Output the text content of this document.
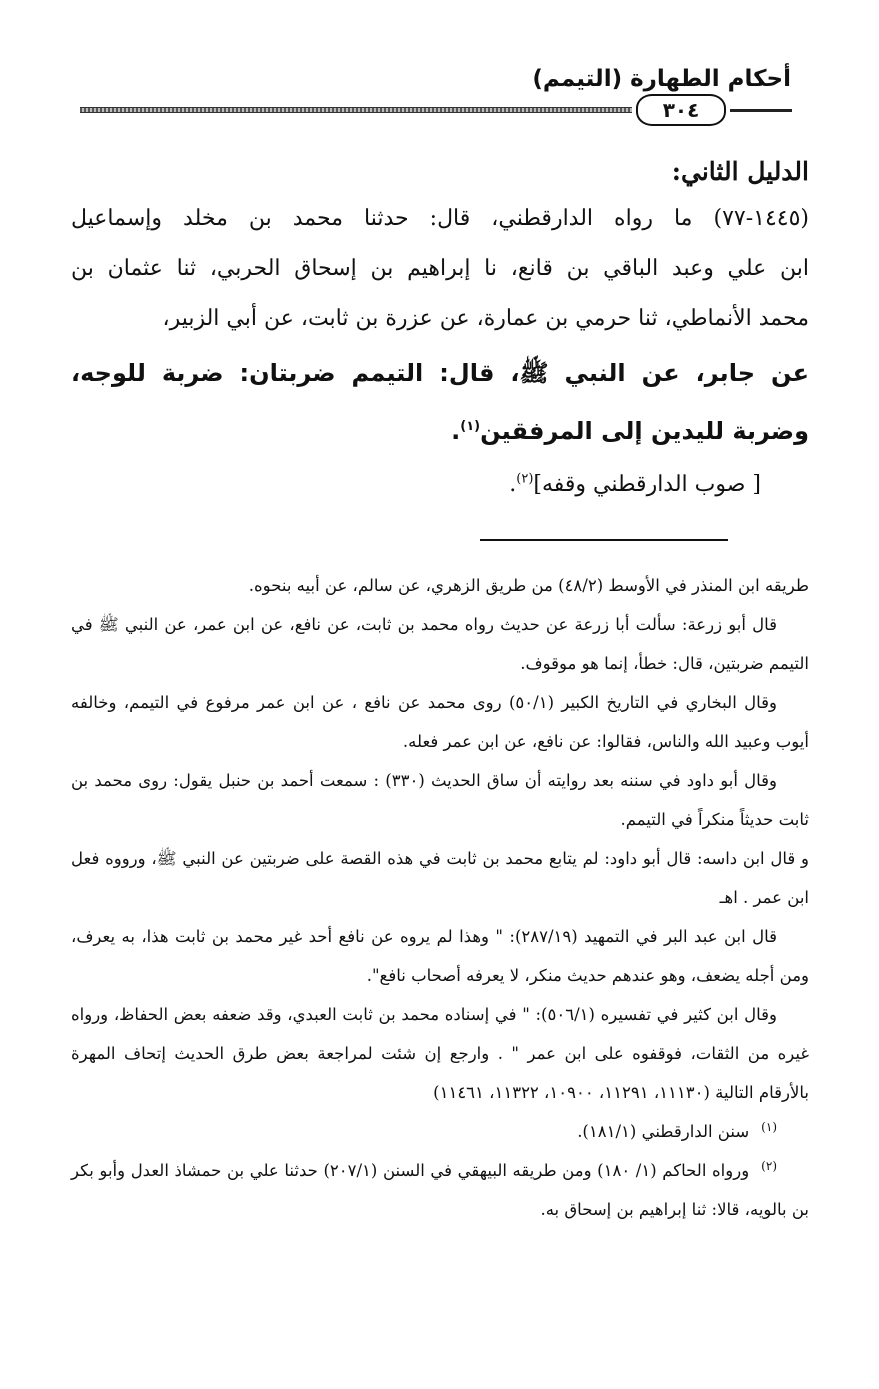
أحكام الطهارة (التيمم)
٣٠٤

الدليل الثاني:

(١٤٤٥-٧٧) ما رواه الدارقطني، قال: حدثنا محمد بن مخلد وإسماعيل

ابن علي وعبد الباقي بن قانع، نا إبراهيم بن إسحاق الحربي، ثنا عثمان بن

محمد الأنماطي، ثنا حرمي بن عمارة، عن عزرة بن ثابت، عن أبي الزبير،

عن جابر، عن النبي ﷺ، قال: التيمم ضربتان: ضربة للوجه، وضربة لليدين إلى المرفقين$^{(١)}$.

[ صوب الدارقطني وقفه]$^{(٢)}$.

طريقه ابن المنذر في الأوسط (٤٨/٢) من طريق الزهري، عن سالم، عن أبيه بنحوه.

قال أبو زرعة: سألت أبا زرعة عن حديث رواه محمد بن ثابت، عن نافع، عن ابن عمر، عن النبي ﷺ في التيمم ضربتين، قال: خطأ، إنما هو موقوف.

وقال البخاري في التاريخ الكبير (٥٠/١) روى محمد عن نافع ، عن ابن عمر مرفوع في التيمم، وخالفه أيوب وعبيد الله والناس، فقالوا: عن نافع، عن ابن عمر فعله.

وقال أبو داود في سننه بعد روايته أن ساق الحديث (٣٣٠) : سمعت أحمد بن حنبل يقول: روى محمد بن ثابت حديثاً منكراً في التيمم.

و قال ابن داسه: قال أبو داود: لم يتابع محمد بن ثابت في هذه القصة على ضربتين عن النبي ﷺ، ورووه فعل ابن عمر . اهـ

قال ابن عبد البر في التمهيد (٢٨٧/١٩): " وهذا لم يروه عن نافع أحد غير محمد بن ثابت هذا، به يعرف، ومن أجله يضعف، وهو عندهم حديث منكر، لا يعرفه أصحاب نافع".

وقال ابن كثير في تفسيره (٥٠٦/١): " في إسناده محمد بن ثابت العبدي، وقد ضعفه بعض الحفاظ، ورواه غيره من الثقات، فوقفوه على ابن عمر " . وارجع إن شئت لمراجعة بعض طرق الحديث إتحاف المهرة بالأرقام التالية (١١١٣٠، ١١٢٩١، ١٠٩٠٠، ١١٣٢٢، ١١٤٦١)

$^{(١)}$سنن الدارقطني (١٨١/١).

$^{(٢)}$ورواه الحاكم (١/ ١٨٠) ومن طريقه البيهقي في السنن (٢٠٧/١) حدثنا علي بن حمشاذ العدل وأبو بكر بن بالويه، قالا: ثنا إبراهيم بن إسحاق به.
